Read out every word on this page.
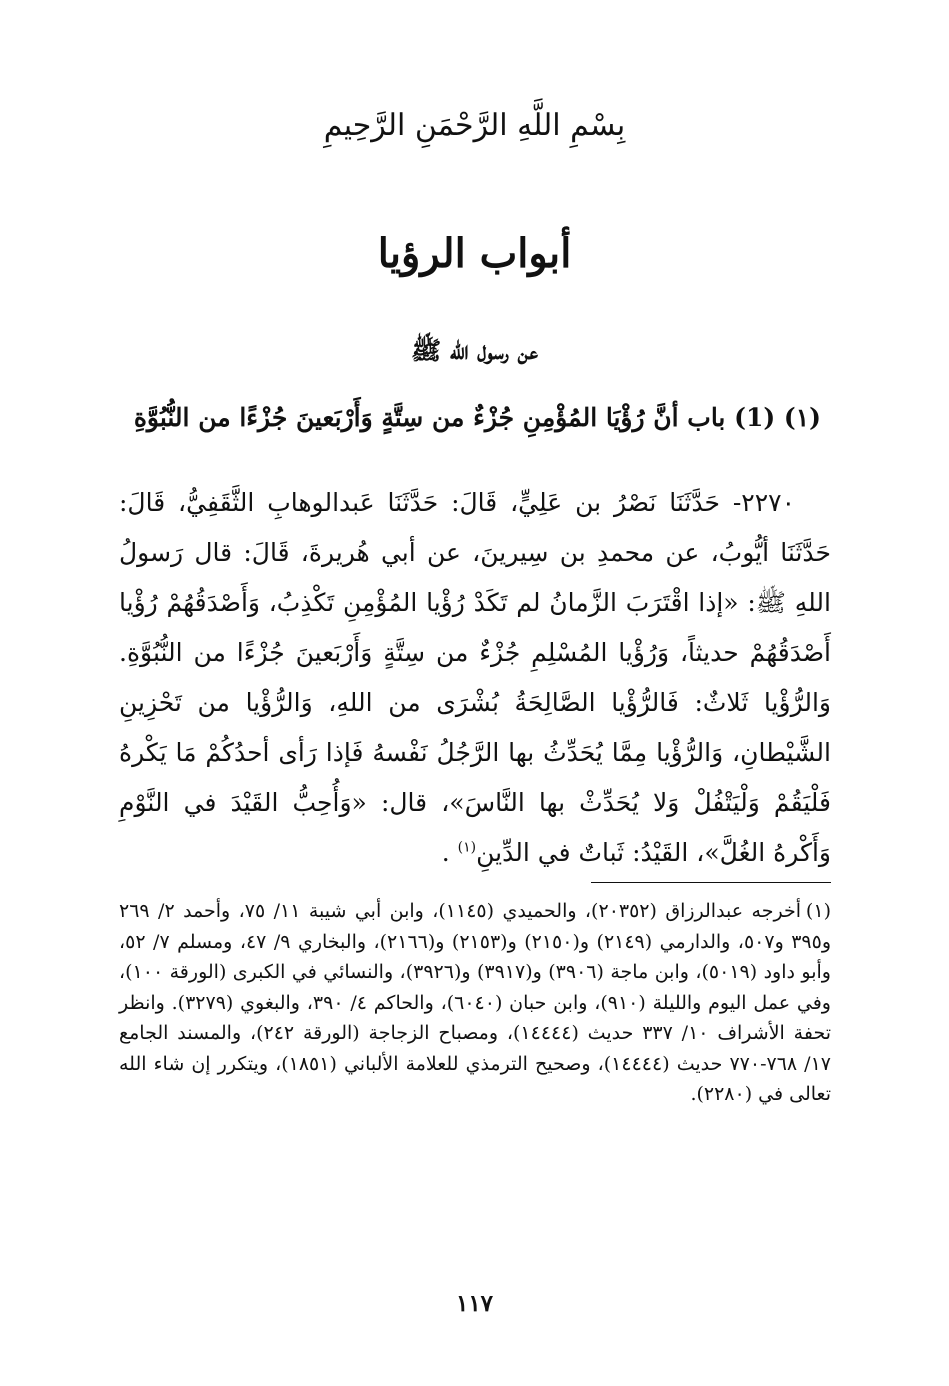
بِسْمِ اللَّهِ الرَّحْمَنِ الرَّحِيمِ
أبواب الرؤيا
عن رسول الله ﷺ
(١) (1) باب أنَّ رُؤْيَا المُؤْمِنِ جُزْءٌ من سِتَّةٍ وَأَرْبَعينَ جُزْءًا من النُّبُوَّةِ

٢٢٧٠- حَدَّثَنَا نَصْرُ بن عَلِيٍّ، قَالَ: حَدَّثَنَا عَبدالوهابِ الثَّقَفِيُّ، قَالَ: حَدَّثَنَا أيُّوبُ، عن محمدِ بن سِيرينَ، عن أبي هُريرةَ، قَالَ: قال رَسولُ اللهِ ﷺ: «إذا اقْتَرَبَ الزَّمانُ لم تَكَدْ رُؤْيا المُؤْمِنِ تَكْذِبُ، وَأَصْدَقُهُمْ رُؤْيا أَصْدَقُهُمْ حديثاً، وَرُؤْيا المُسْلِمِ جُزْءٌ من سِتَّةٍ وَأَرْبَعينَ جُزْءًا من النُّبُوَّةِ. وَالرُّؤْيا ثَلاثٌ: فَالرُّؤْيا الصَّالِحَةُ بُشْرَى من اللهِ، وَالرُّؤْيا من تَحْزِينِ الشَّيْطانِ، وَالرُّؤْيا مِمَّا يُحَدِّثُ بها الرَّجُلُ نَفْسهُ فَإذا رَأى أحدُكُمْ مَا يَكْرهُ فَلْيَقُمْ وَلْيَتْفُلْ وَلا يُحَدِّثْ بها النَّاسَ»، قال: «وَأُحِبُّ القَيْدَ في النَّوْمِ وَأَكْرهُ الغُلَّ»، القَيْدُ: ثَباتٌ في الدِّينِ$^{(١)}$ .

(١)أخرجه عبدالرزاق (٢٠٣٥٢)، والحميدي (١١٤٥)، وابن أبي شيبة ١١/ ٧٥، وأحمد ٢/ ٢٦٩ و٣٩٥ و٥٠٧، والدارمي (٢١٤٩) و(٢١٥٠) و(٢١٥٣) و(٢١٦٦)، والبخاري ٩/ ٤٧، ومسلم ٧/ ٥٢، وأبو داود (٥٠١٩)، وابن ماجة (٣٩٠٦) و(٣٩١٧) و(٣٩٢٦)، والنسائي في الكبرى (الورقة ١٠٠)، وفي عمل اليوم والليلة (٩١٠)، وابن حبان (٦٠٤٠)، والحاكم ٤/ ٣٩٠، والبغوي (٣٢٧٩). وانظر تحفة الأشراف ١٠/ ٣٣٧ حديث (١٤٤٤٤)، ومصباح الزجاجة (الورقة ٢٤٢)، والمسند الجامع ١٧/ ٧٦٨-٧٧٠ حديث (١٤٤٤٤)، وصحيح الترمذي للعلامة الألباني (١٨٥١)، ويتكرر إن شاء الله تعالى في (٢٢٨٠).
١١٧
